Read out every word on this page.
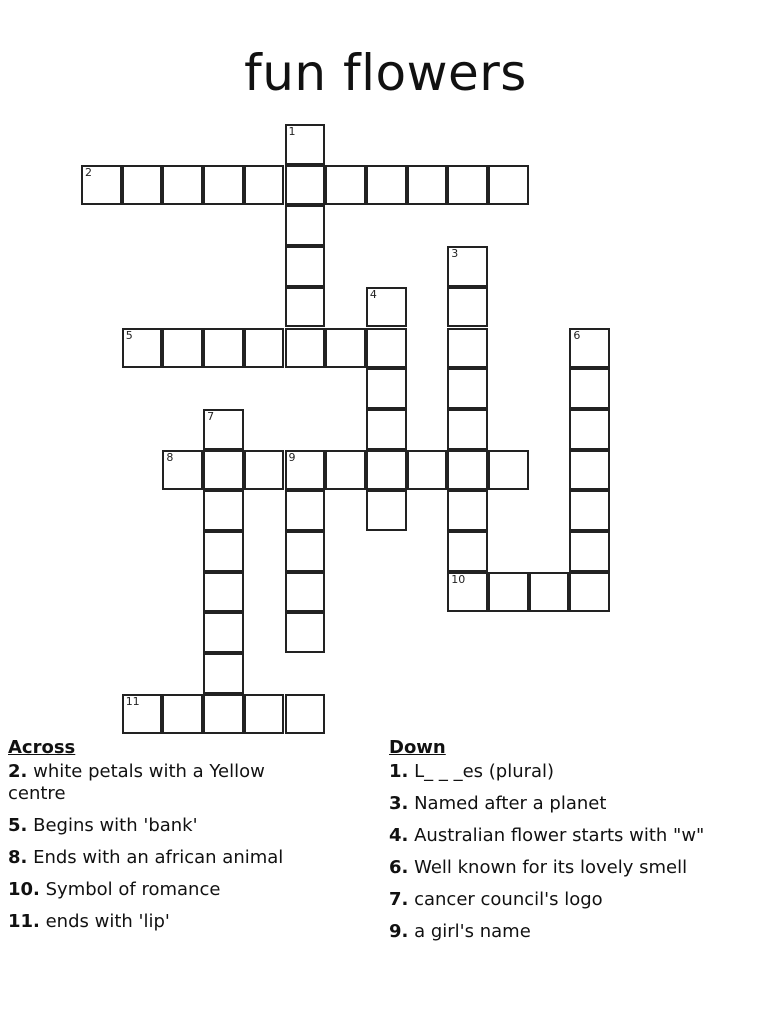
fun flowers
1
2
3
4
5	6
7
8	9
10
11
Across
2. white petals with a Yellow centre
5. Begins with 'bank'
8. Ends with an african animal
10. Symbol of romance
11. ends with 'lip'
Down
1. L_ _ _es (plural)
3. Named after a planet
4. Australian flower starts with "w"
6. Well known for its lovely smell
7. cancer council's logo
9. a girl's name
